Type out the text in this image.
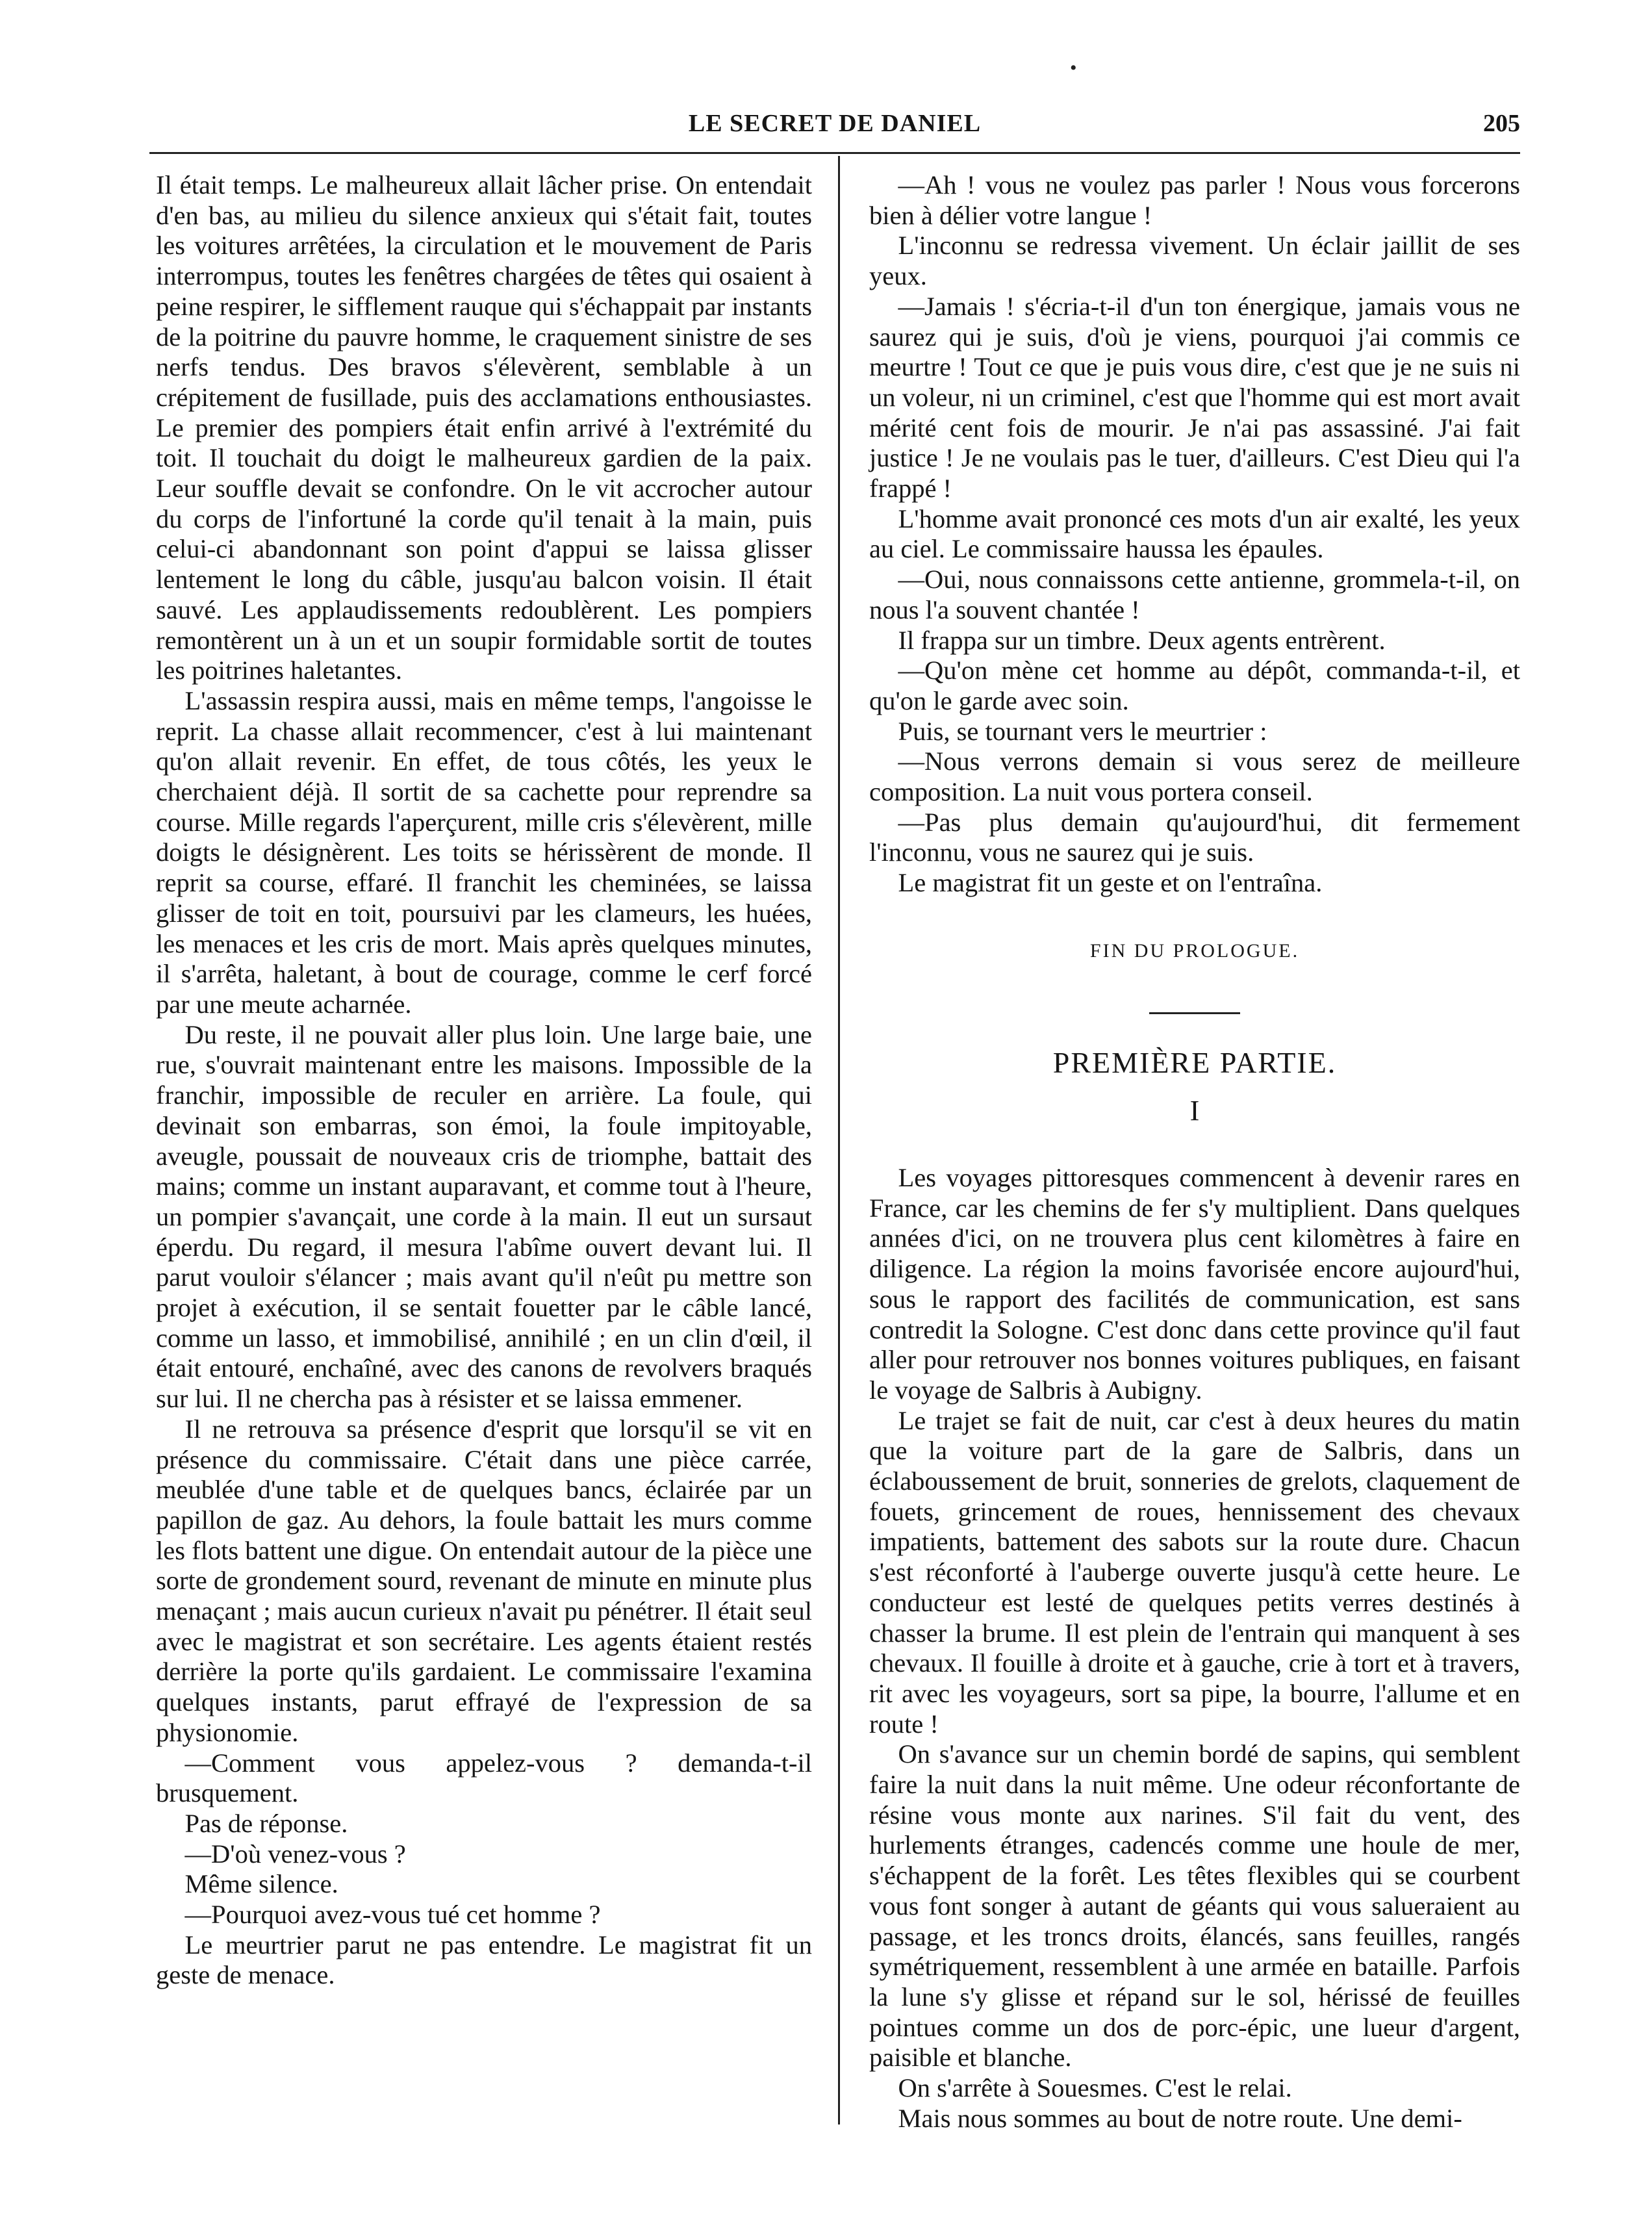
LE SECRET DE DANIEL	205
•

Il était temps. Le malheureux allait lâcher prise. On entendait d'en bas, au milieu du silence anxieux qui s'était fait, toutes les voitures arrêtées, la circulation et le mouvement de Paris interrompus, toutes les fenêtres chargées de têtes qui osaient à peine respirer, le sifflement rauque qui s'échappait par instants de la poitrine du pauvre homme, le craquement sinistre de ses nerfs tendus. Des bravos s'élevèrent, semblable à un crépitement de fusillade, puis des acclamations enthousiastes. Le premier des pompiers était enfin arrivé à l'extrémité du toit. Il touchait du doigt le malheureux gardien de la paix. Leur souffle devait se confondre. On le vit accrocher autour du corps de l'infortuné la corde qu'il tenait à la main, puis celui-ci abandonnant son point d'appui se laissa glisser lentement le long du câble, jusqu'au balcon voisin. Il était sauvé. Les applaudissements redoublèrent. Les pompiers remontèrent un à un et un soupir formidable sortit de toutes les poitrines haletantes.

L'assassin respira aussi, mais en même temps, l'angoisse le reprit. La chasse allait recommencer, c'est à lui maintenant qu'on allait revenir. En effet, de tous côtés, les yeux le cherchaient déjà. Il sortit de sa cachette pour reprendre sa course. Mille regards l'aperçurent, mille cris s'élevèrent, mille doigts le désignèrent. Les toits se hérissèrent de monde. Il reprit sa course, effaré. Il franchit les cheminées, se laissa glisser de toit en toit, poursuivi par les clameurs, les huées, les menaces et les cris de mort. Mais après quelques minutes, il s'arrêta, haletant, à bout de courage, comme le cerf forcé par une meute acharnée.

Du reste, il ne pouvait aller plus loin. Une large baie, une rue, s'ouvrait maintenant entre les maisons. Impossible de la franchir, impossible de reculer en arrière. La foule, qui devinait son embarras, son émoi, la foule impitoyable, aveugle, poussait de nouveaux cris de triomphe, battait des mains; comme un instant auparavant, et comme tout à l'heure, un pompier s'avançait, une corde à la main. Il eut un sursaut éperdu. Du regard, il mesura l'abîme ouvert devant lui. Il parut vouloir s'élancer ; mais avant qu'il n'eût pu mettre son projet à exécution, il se sentait fouetter par le câble lancé, comme un lasso, et immobilisé, annihilé ; en un clin d'œil, il était entouré, enchaîné, avec des canons de revolvers braqués sur lui. Il ne chercha pas à résister et se laissa emmener.

Il ne retrouva sa présence d'esprit que lorsqu'il se vit en présence du commissaire. C'était dans une pièce carrée, meublée d'une table et de quelques bancs, éclairée par un papillon de gaz. Au dehors, la foule battait les murs comme les flots battent une digue. On entendait autour de la pièce une sorte de grondement sourd, revenant de minute en minute plus menaçant ; mais aucun curieux n'avait pu pénétrer. Il était seul avec le magistrat et son secrétaire. Les agents étaient restés derrière la porte qu'ils gardaient. Le commissaire l'examina quelques instants, parut effrayé de l'expression de sa physionomie.

—Comment vous appelez-vous ? demanda-t-il brusquement.

Pas de réponse.

—D'où venez-vous ?

Même silence.

—Pourquoi avez-vous tué cet homme ?

Le meurtrier parut ne pas entendre. Le magistrat fit un geste de menace.

—Ah ! vous ne voulez pas parler ! Nous vous forcerons bien à délier votre langue !

L'inconnu se redressa vivement. Un éclair jaillit de ses yeux.

—Jamais ! s'écria-t-il d'un ton énergique, jamais vous ne saurez qui je suis, d'où je viens, pourquoi j'ai commis ce meurtre ! Tout ce que je puis vous dire, c'est que je ne suis ni un voleur, ni un criminel, c'est que l'homme qui est mort avait mérité cent fois de mourir. Je n'ai pas assassiné. J'ai fait justice ! Je ne voulais pas le tuer, d'ailleurs. C'est Dieu qui l'a frappé !

L'homme avait prononcé ces mots d'un air exalté, les yeux au ciel. Le commissaire haussa les épaules.

—Oui, nous connaissons cette antienne, grommela-t-il, on nous l'a souvent chantée !

Il frappa sur un timbre. Deux agents entrèrent.

—Qu'on mène cet homme au dépôt, commanda-t-il, et qu'on le garde avec soin.

Puis, se tournant vers le meurtrier :

—Nous verrons demain si vous serez de meilleure composition. La nuit vous portera conseil.

—Pas plus demain qu'aujourd'hui, dit fermement l'inconnu, vous ne saurez qui je suis.

Le magistrat fit un geste et on l'entraîna.

FIN DU PROLOGUE.
PREMIÈRE PARTIE.
I

Les voyages pittoresques commencent à devenir rares en France, car les chemins de fer s'y multiplient. Dans quelques années d'ici, on ne trouvera plus cent kilomètres à faire en diligence. La région la moins favorisée encore aujourd'hui, sous le rapport des facilités de communication, est sans contredit la Sologne. C'est donc dans cette province qu'il faut aller pour retrouver nos bonnes voitures publiques, en faisant le voyage de Salbris à Aubigny.

Le trajet se fait de nuit, car c'est à deux heures du matin que la voiture part de la gare de Salbris, dans un éclaboussement de bruit, sonneries de grelots, claquement de fouets, grincement de roues, hennissement des chevaux impatients, battement des sabots sur la route dure. Chacun s'est réconforté à l'auberge ouverte jusqu'à cette heure. Le conducteur est lesté de quelques petits verres destinés à chasser la brume. Il est plein de l'entrain qui manquent à ses chevaux. Il fouille à droite et à gauche, crie à tort et à travers, rit avec les voyageurs, sort sa pipe, la bourre, l'allume et en route !

On s'avance sur un chemin bordé de sapins, qui semblent faire la nuit dans la nuit même. Une odeur réconfortante de résine vous monte aux narines. S'il fait du vent, des hurlements étranges, cadencés comme une houle de mer, s'échappent de la forêt. Les têtes flexibles qui se courbent vous font songer à autant de géants qui vous salueraient au passage, et les troncs droits, élancés, sans feuilles, rangés symétriquement, ressemblent à une armée en bataille. Parfois la lune s'y glisse et répand sur le sol, hérissé de feuilles pointues comme un dos de porc-épic, une lueur d'argent, paisible et blanche.

On s'arrête à Souesmes. C'est le relai.

Mais nous sommes au bout de notre route. Une demi-
